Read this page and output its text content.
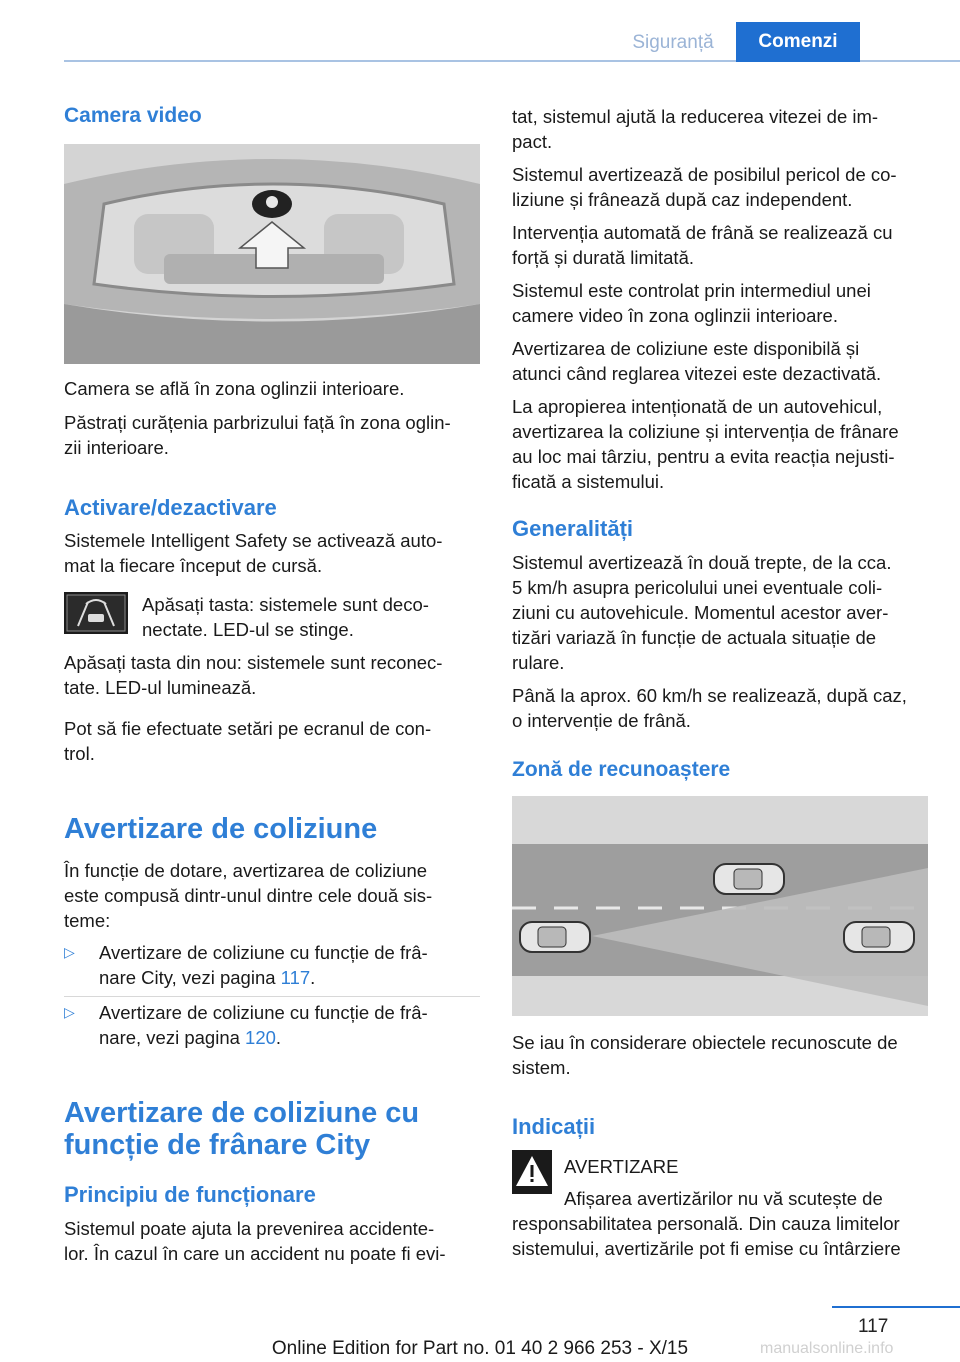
Siguranță	Comenzi
Camera video

Camera se află în zona oglinzii interioare.

Păstrați curățenia parbrizului față în zona oglin‐

zii interioare.

Activare/dezactivare

Sistemele Intelligent Safety se activează auto‐

mat la fiecare început de cursă.

Apăsați tasta: sistemele sunt deco‐

nectate. LED-ul se stinge.

Apăsați tasta din nou: sistemele sunt reconec‐

tate. LED-ul luminează.

Pot să fie efectuate setări pe ecranul de con‐

trol.

Avertizare de coliziune

În funcție de dotare, avertizarea de coliziune

este compusă dintr-unul dintre cele două sis‐

teme:

▷ Avertizare de coliziune cu funcție de frâ‐

nare City, vezi pagina 117.

▷ Avertizare de coliziune cu funcție de frâ‐

nare, vezi pagina 120.

Avertizare de coliziune cu
funcție de frânare City
Principiu de funcționare

Sistemul poate ajuta la prevenirea accidente‐

lor. În cazul în care un accident nu poate fi evi‐

tat, sistemul ajută la reducerea vitezei de im‐

pact.

Sistemul avertizează de posibilul pericol de co‐

liziune și frânează după caz independent.

Intervenția automată de frână se realizează cu

forță și durată limitată.

Sistemul este controlat prin intermediul unei

camere video în zona oglinzii interioare.

Avertizarea de coliziune este disponibilă și

atunci când reglarea vitezei este dezactivată.

La apropierea intenționată de un autovehicul,

avertizarea la coliziune și intervenția de frânare

au loc mai târziu, pentru a evita reacția nejusti‐

ficată a sistemului.

Generalități

Sistemul avertizează în două trepte, de la cca.

5 km/h asupra pericolului unei eventuale coli‐

ziuni cu autovehicule. Momentul acestor aver‐

tizări variază în funcție de actuala situație de

rulare.

Până la aprox. 60 km/h se realizează, după caz,

o intervenție de frână.

Zonă de recunoaștere

Se iau în considerare obiectele recunoscute de

sistem.

Indicații

AVERTIZARE

Afișarea avertizărilor nu vă scutește de

responsabilitatea personală. Din cauza limitelor

sistemului, avertizările pot fi emise cu întârziere

117
Online Edition for Part no. 01 40 2 966 253 - X/15	manualsonline.info
